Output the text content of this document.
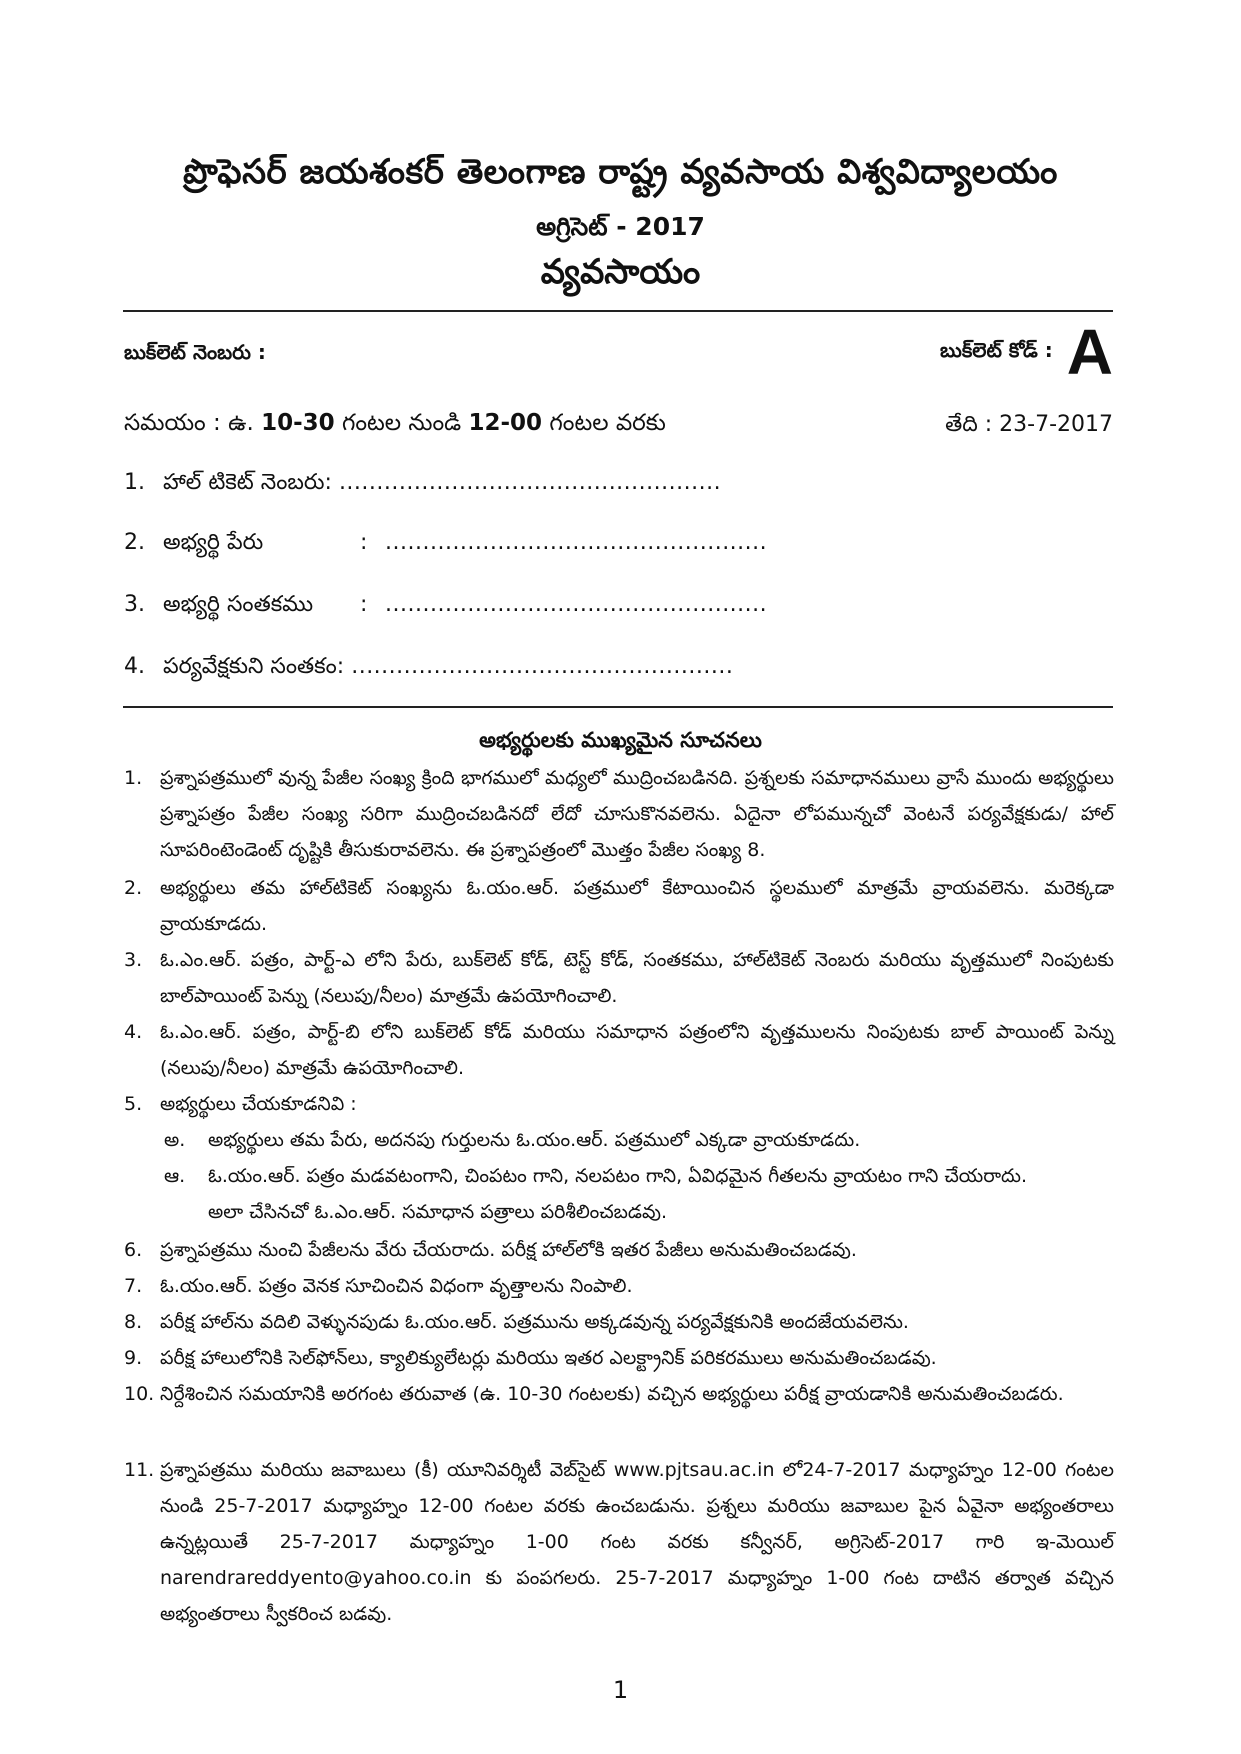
ప్రొఫెసర్ జయశంకర్ తెలంగాణ రాష్ట్ర వ్యవసాయ విశ్వవిద్యాలయం
అగ్రిసెట్ - 2017
వ్యవసాయం
బుక్‌లెట్ నెంబరు :	బుక్‌లెట్ కోడ్ : A
సమయం : ఉ. 10-30 గంటల నుండి 12-00 గంటల వరకు	తేది : 23-7-2017
1. హాల్ టికెట్ నెంబరు: ...................................................
2. అభ్యర్థి పేరు	: ...................................................
3. అభ్యర్థి సంతకము : ...................................................
4. పర్యవేక్షకుని సంతకం: ...................................................
అభ్యర్థులకు ముఖ్యమైన సూచనలు
1. ప్రశ్నాపత్రములో వున్న పేజీల సంఖ్య క్రింది భాగములో మధ్యలో ముద్రించబడినది. ప్రశ్నలకు సమాధానములు వ్రాసే ముందు అభ్యర్థులు ప్రశ్నాపత్రం పేజీల సంఖ్య సరిగా ముద్రించబడినదో లేదో చూసుకొనవలెను. ఏదైనా లోపమున్నచో వెంటనే పర్యవేక్షకుడు/ హాల్ సూపరింటెండెంట్ దృష్టికి తీసుకురావలెను. ఈ ప్రశ్నాపత్రంలో మొత్తం పేజీల సంఖ్య 8.
2. అభ్యర్థులు తమ హాల్‌టికెట్ సంఖ్యను ఓ.యం.ఆర్. పత్రములో కేటాయించిన స్థలములో మాత్రమే వ్రాయవలెను. మరెక్కడా వ్రాయకూడదు.
3. ఓ.ఎం.ఆర్. పత్రం, పార్ట్-ఎ లోని పేరు, బుక్‌లెట్ కోడ్, టెస్ట్ కోడ్, సంతకము, హాల్‌టికెట్ నెంబరు మరియు వృత్తములో నింపుటకు బాల్‌పాయింట్ పెన్ను (నలుపు/నీలం) మాత్రమే ఉపయోగించాలి.
4. ఓ.ఎం.ఆర్. పత్రం, పార్ట్-బి లోని బుక్‌లెట్ కోడ్ మరియు సమాధాన పత్రంలోని వృత్తములను నింపుటకు బాల్ పాయింట్ పెన్ను (నలుపు/నీలం) మాత్రమే ఉపయోగించాలి.
5. అభ్యర్థులు చేయకూడనివి :
అ. అభ్యర్థులు తమ పేరు, అదనపు గుర్తులను ఓ.యం.ఆర్. పత్రములో ఎక్కడా వ్రాయకూడదు.
ఆ. ఓ.యం.ఆర్. పత్రం మడవటంగాని, చింపటం గాని, నలపటం గాని, ఏవిధమైన గీతలను వ్రాయటం గాని చేయరాదు. అలా చేసినచో ఓ.ఎం.ఆర్. సమాధాన పత్రాలు పరిశీలించబడవు.
6. ప్రశ్నాపత్రము నుంచి పేజీలను వేరు చేయరాదు. పరీక్ష హాల్‌లోకి ఇతర పేజీలు అనుమతించబడవు.
7. ఓ.యం.ఆర్. పత్రం వెనక సూచించిన విధంగా వృత్తాలను నింపాలి.
8. పరీక్ష హాల్‌ను వదిలి వెళ్ళునపుడు ఓ.యం.ఆర్. పత్రమును అక్కడవున్న పర్యవేక్షకునికి అందజేయవలెను.
9. పరీక్ష హాలులోనికి సెల్‌ఫోన్‌లు, క్యాలిక్యులేటర్లు మరియు ఇతర ఎలక్ట్రానిక్ పరికరములు అనుమతించబడవు.
10. నిర్దేశించిన సమయానికి అరగంట తరువాత (ఉ. 10-30 గంటలకు) వచ్చిన అభ్యర్థులు పరీక్ష వ్రాయడానికి అనుమతించబడరు.
11. ప్రశ్నాపత్రము మరియు జవాబులు (కీ) యూనివర్శిటీ వెబ్‌సైట్ www.pjtsau.ac.in లో24-7-2017 మధ్యాహ్నం 12-00 గంటల నుండి 25-7-2017 మధ్యాహ్నం 12-00 గంటల వరకు ఉంచబడును. ప్రశ్నలు మరియు జవాబుల పైన ఏవైనా అభ్యంతరాలు ఉన్నట్లయితే 25-7-2017 మధ్యాహ్నం 1-00 గంట వరకు కన్వీనర్, అగ్రిసెట్-2017 గారి ఇ-మెయిల్ narendrareddyento@yahoo.co.in కు పంపగలరు. 25-7-2017 మధ్యాహ్నం 1-00 గంట దాటిన తర్వాత వచ్చిన అభ్యంతరాలు స్వీకరించ బడవు.
1
